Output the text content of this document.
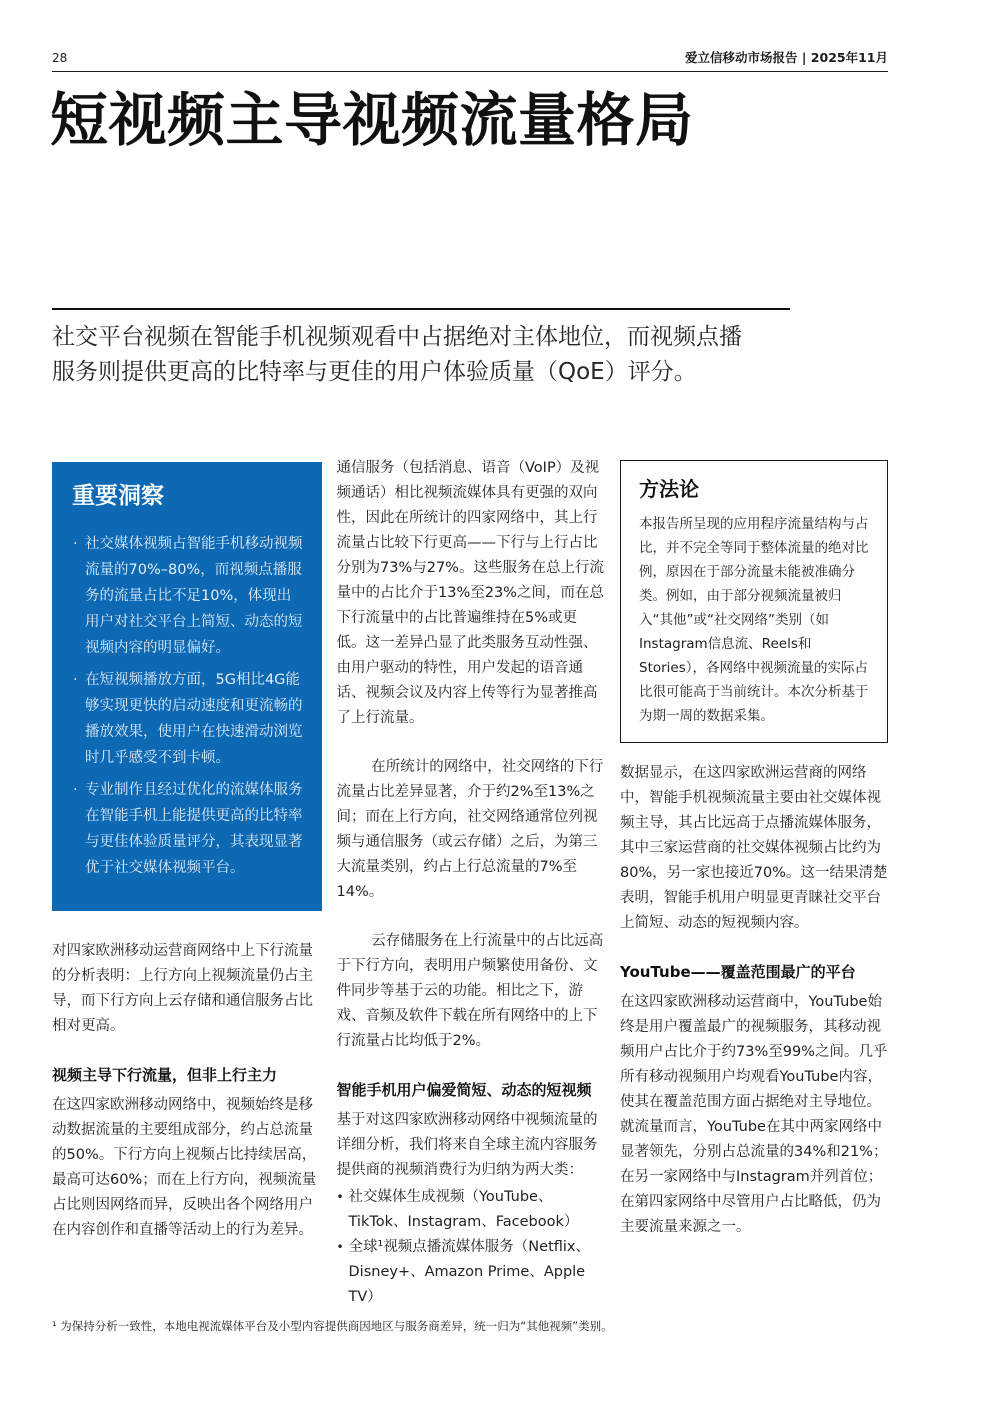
28	爱立信移动市场报告 | 2025年11月
短视频主导视频流量格局

社交平台视频在智能手机视频观看中占据绝对主体地位，而视频点播服务则提供更高的比特率与更佳的用户体验质量（QoE）评分。

重要洞察
· 社交媒体视频占智能手机移动视频流量的70%–80%，而视频点播服务的流量占比不足10%，体现出用户对社交平台上简短、动态的短视频内容的明显偏好。
· 在短视频播放方面，5G相比4G能够实现更快的启动速度和更流畅的播放效果，使用户在快速滑动浏览时几乎感受不到卡顿。
· 专业制作且经过优化的流媒体服务在智能手机上能提供更高的比特率与更佳体验质量评分，其表现显著优于社交媒体视频平台。

对四家欧洲移动运营商网络中上下行流量的分析表明：上行方向上视频流量仍占主导，而下行方向上云存储和通信服务占比相对更高。

视频主导下行流量，但非上行主力

在这四家欧洲移动网络中，视频始终是移动数据流量的主要组成部分，约占总流量的50%。下行方向上视频占比持续居高，最高可达60%；而在上行方向，视频流量占比则因网络而异，反映出各个网络用户在内容创作和直播等活动上的行为差异。

通信服务（包括消息、语音（VoIP）及视频通话）相比视频流媒体具有更强的双向性，因此在所统计的四家网络中，其上行流量占比较下行更高——下行与上行占比分别为73%与27%。这些服务在总上行流量中的占比介于13%至23%之间，而在总下行流量中的占比普遍维持在5%或更低。这一差异凸显了此类服务互动性强、由用户驱动的特性，用户发起的语音通话、视频会议及内容上传等行为显著推高了上行流量。

在所统计的网络中，社交网络的下行流量占比差异显著，介于约2%至13%之间；而在上行方向，社交网络通常位列视频与通信服务（或云存储）之后，为第三大流量类别，约占上行总流量的7%至14%。

云存储服务在上行流量中的占比远高于下行方向，表明用户频繁使用备份、文件同步等基于云的功能。相比之下，游戏、音频及软件下载在所有网络中的上下行流量占比均低于2%。

智能手机用户偏爱简短、动态的短视频

基于对这四家欧洲移动网络中视频流量的详细分析，我们将来自全球主流内容服务提供商的视频消费行为归纳为两大类：

• 社交媒体生成视频（YouTube、TikTok、Instagram、Facebook）
• 全球¹视频点播流媒体服务（Netflix、Disney+、Amazon Prime、Apple TV）
方法论

本报告所呈现的应用程序流量结构与占比，并不完全等同于整体流量的绝对比例，原因在于部分流量未能被准确分类。例如，由于部分视频流量被归入“其他”或“社交网络”类别（如Instagram信息流、Reels和Stories），各网络中视频流量的实际占比很可能高于当前统计。本次分析基于为期一周的数据采集。

数据显示，在这四家欧洲运营商的网络中，智能手机视频流量主要由社交媒体视频主导，其占比远高于点播流媒体服务，其中三家运营商的社交媒体视频占比约为80%，另一家也接近70%。这一结果清楚表明，智能手机用户明显更青睐社交平台上简短、动态的短视频内容。

YouTube——覆盖范围最广的平台

在这四家欧洲移动运营商中，YouTube始终是用户覆盖最广的视频服务，其移动视频用户占比介于约73%至99%之间。几乎所有移动视频用户均观看YouTube内容，使其在覆盖范围方面占据绝对主导地位。就流量而言，YouTube在其中两家网络中显著领先，分别占总流量的34%和21%；在另一家网络中与Instagram并列首位；在第四家网络中尽管用户占比略低，仍为主要流量来源之一。

¹ 为保持分析一致性，本地电视流媒体平台及小型内容提供商因地区与服务商差异，统一归为“其他视频”类别。
